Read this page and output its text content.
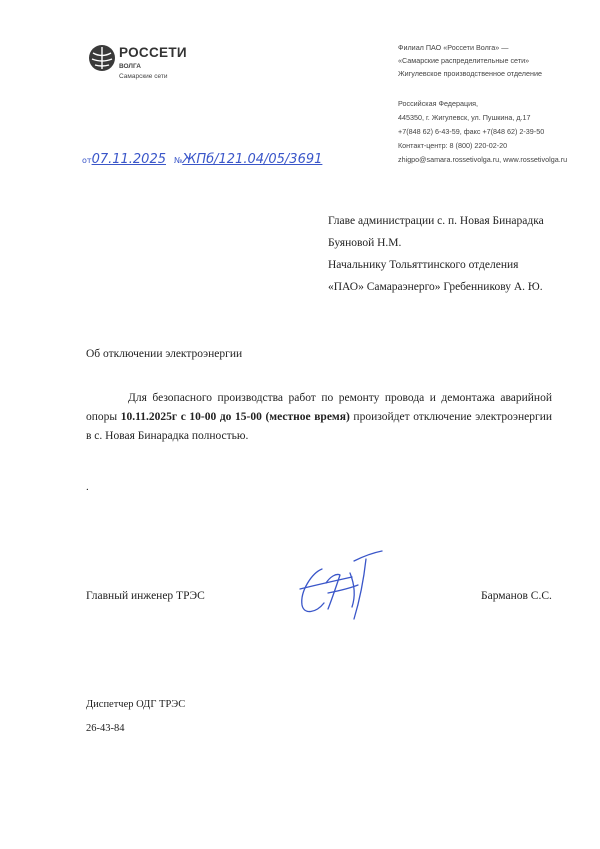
РОССЕТИ
ВОЛГА
Самарские сети
Филиал ПАО «Россети Волга» —
«Самарские распределительные сети»
Жигулевское производственное отделение
Российская Федерация,
445350, г. Жигулевск, ул. Пушкина, д.17
+7(848 62) 6-43-59, факс +7(848 62) 2-39-50
Контакт-центр: 8 (800) 220-02-20
zhigpo@samara.rossetivolga.ru, www.rossetivolga.ru
от07.11.2025 №ЖПб/121.04/05/3691
Главе администрации с. п. Новая Бинарадка
Буяновой Н.М.
Начальнику Тольяттинского отделения
«ПАО» Самараэнерго» Гребенникову А. Ю.
Об отключении электроэнергии
Для безопасного производства работ по ремонту провода и демонтажа аварийной опоры 10.11.2025г с 10-00 до 15-00 (местное время) произойдет отключение электроэнергии в с. Новая Бинарадка полностью.
.
Главный инженер ТРЭС	Барманов С.С.
Диспетчер ОДГ ТРЭС
26-43-84
